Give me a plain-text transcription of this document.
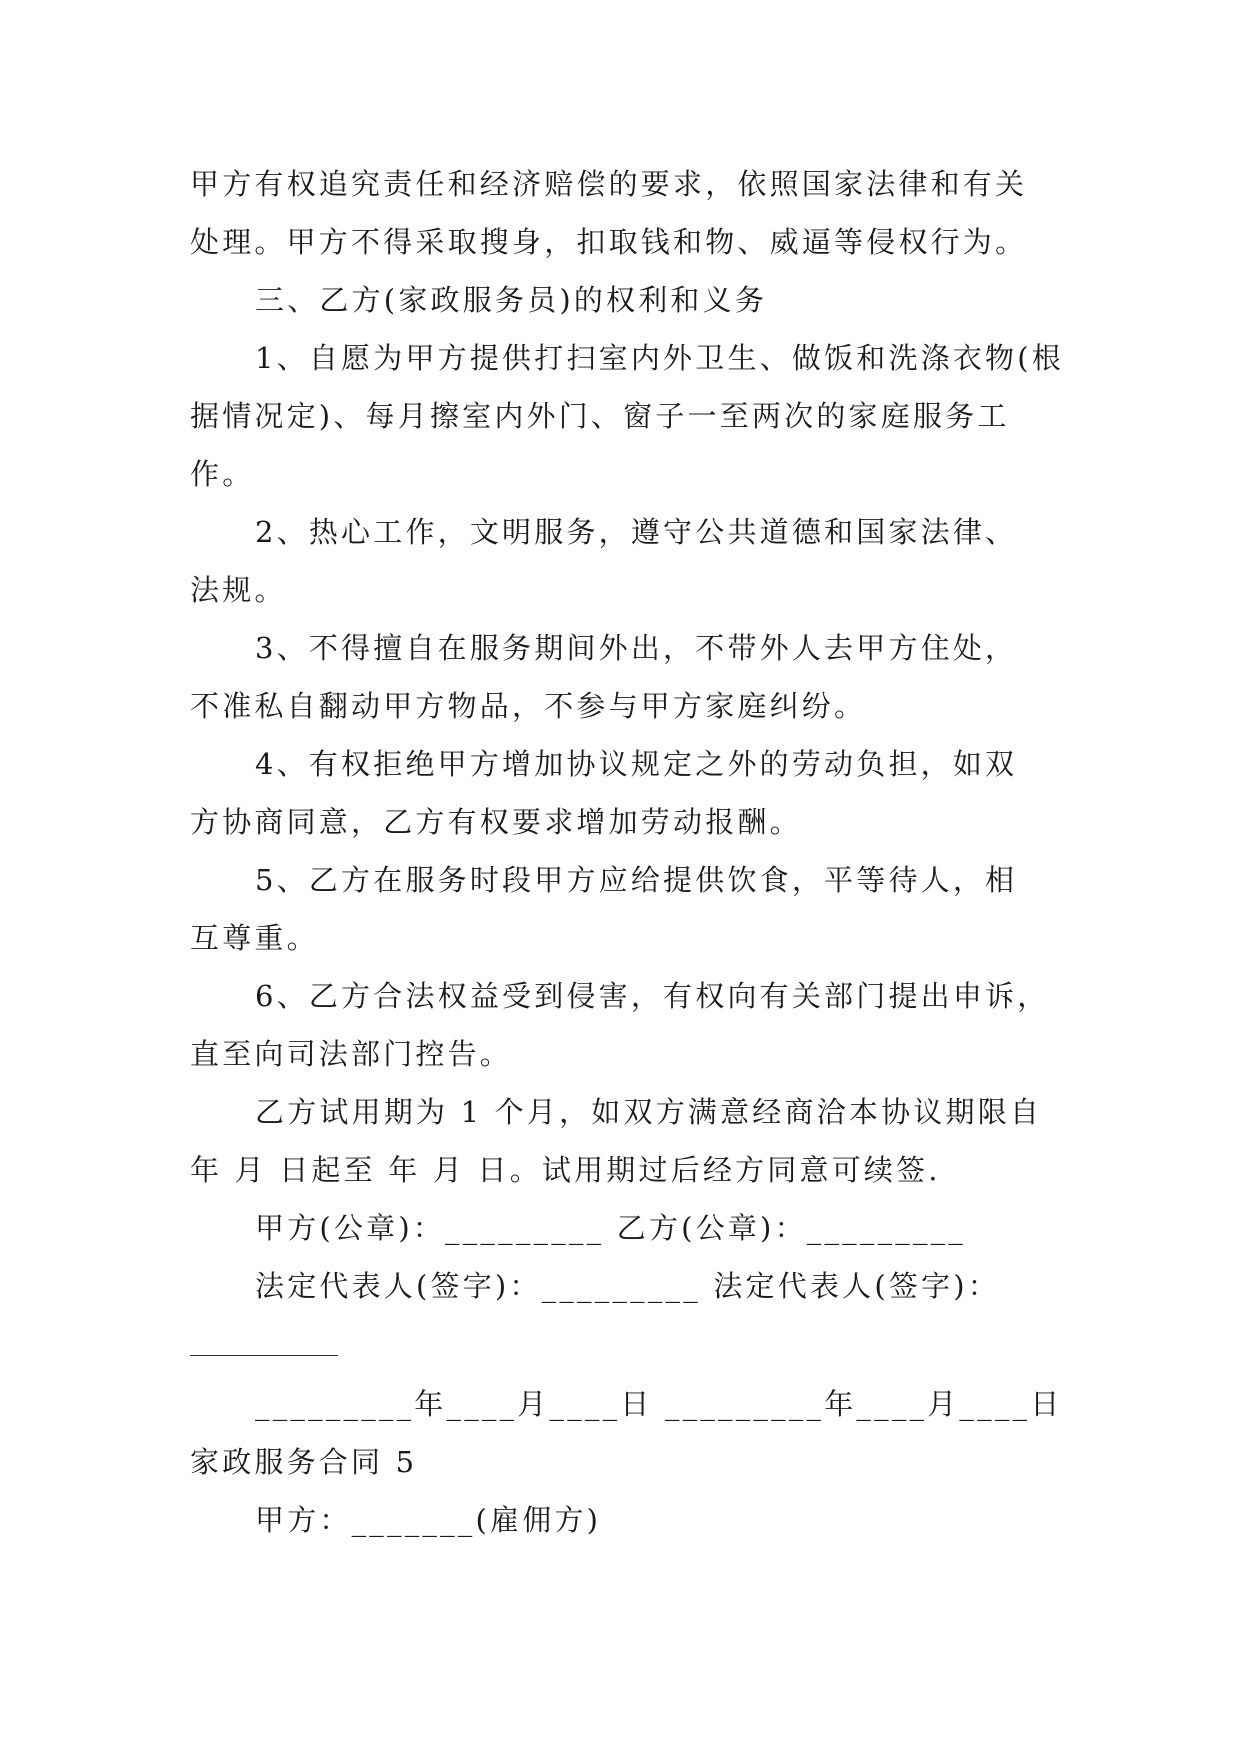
甲方有权追究责任和经济赔偿的要求，依照国家法律和有关
处理。甲方不得采取搜身，扣取钱和物、威逼等侵权行为。
三、乙方(家政服务员)的权利和义务
1、自愿为甲方提供打扫室内外卫生、做饭和洗涤衣物(根
据情况定)、每月擦室内外门、窗子一至两次的家庭服务工
作。
2、热心工作，文明服务，遵守公共道德和国家法律、
法规。
3、不得擅自在服务期间外出，不带外人去甲方住处，
不准私自翻动甲方物品，不参与甲方家庭纠纷。
4、有权拒绝甲方增加协议规定之外的劳动负担，如双
方协商同意，乙方有权要求增加劳动报酬。
5、乙方在服务时段甲方应给提供饮食，平等待人，相
互尊重。
6、乙方合法权益受到侵害，有权向有关部门提出申诉，
直至向司法部门控告。
乙方试用期为 1 个月，如双方满意经商洽本协议期限自
年 月 日起至 年 月 日。试用期过后经方同意可续签.
甲方(公章)：_________ 乙方(公章)：_________
法定代表人(签字)：_________ 法定代表人(签字)：
_________年____月____日 _________年____月____日
家政服务合同 5
甲方：_______(雇佣方)
